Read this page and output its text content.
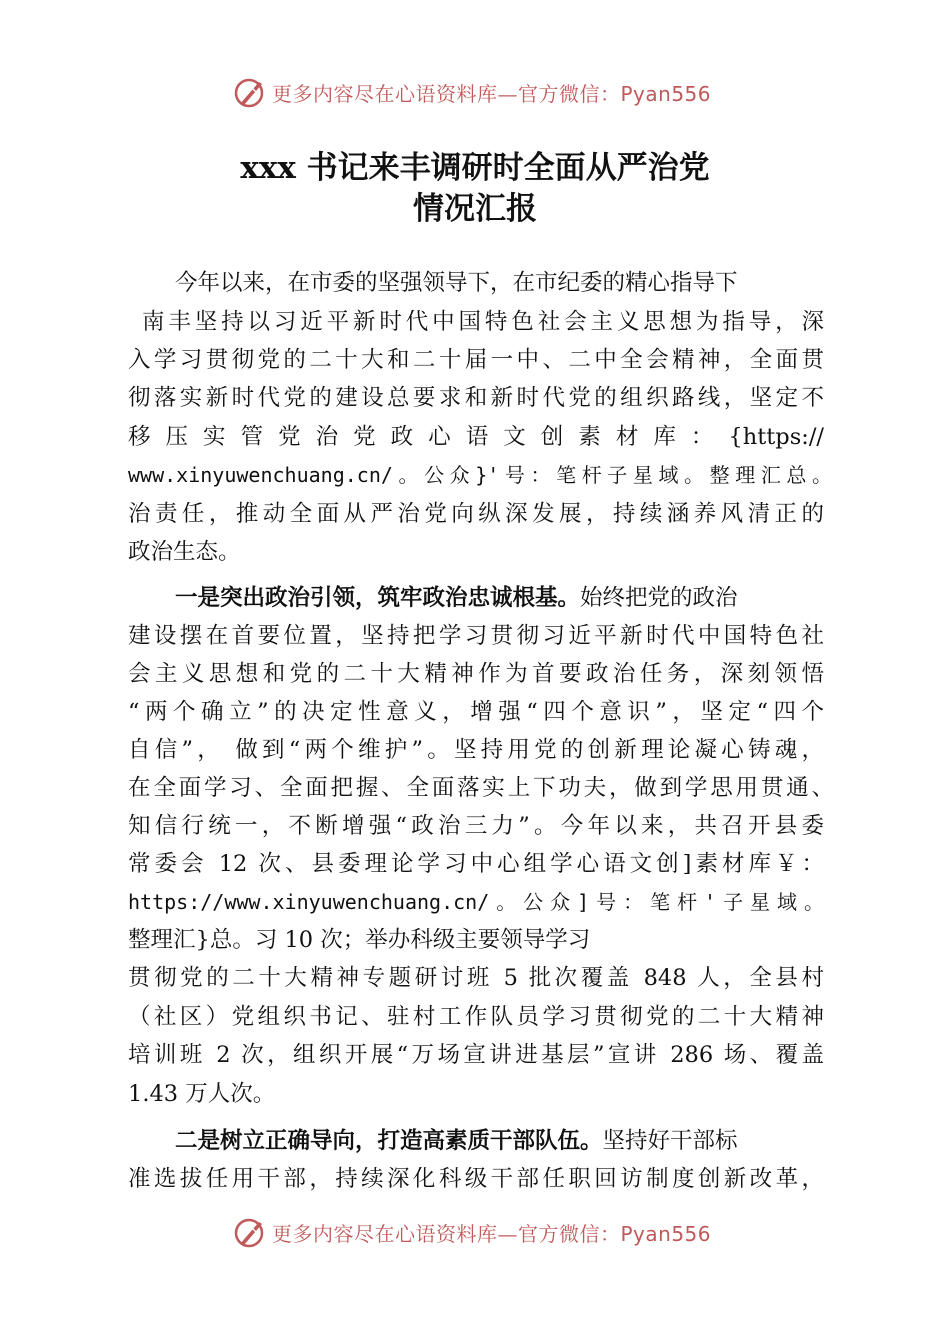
更多内容尽在心语资料库—官方微信：Pyan556
xxx 书记来丰调研时全面从严治党
情况汇报
今年以来，在市委的坚强领导下，在市纪委的精心指导下
南丰坚持以习近平新时代中国特色社会主义思想为指导，深
入学习贯彻党的二十大和二十届一中、二中全会精神，全面贯
彻落实新时代党的建设总要求和新时代党的组织路线，坚定不
移压实管党治党政心语文创素材库：{https://
www.xinyuwenchuang.cn/。公众}'号：笔杆子星域。整理汇总。
治责任，推动全面从严治党向纵深发展，持续涵养风清正的
政治生态。
一是突出政治引领，筑牢政治忠诚根基。始终把党的政治
建设摆在首要位置，坚持把学习贯彻习近平新时代中国特色社
会主义思想和党的二十大精神作为首要政治任务，深刻领悟
“两个确立”的决定性意义，增强“四个意识”，坚定“四个
自信”， 做到“两个维护”。坚持用党的创新理论凝心铸魂，
在全面学习、全面把握、全面落实上下功夫，做到学思用贯通、
知信行统一，不断增强“政治三力”。今年以来，共召开县委
常委会 12 次、县委理论学习中心组学心语文创]素材库￥：
https://www.xinyuwenchuang.cn/。公众]号：笔杆'子星域。
整理汇}总。习 10 次；举办科级主要领导学习
贯彻党的二十大精神专题研讨班 5 批次覆盖 848 人，全县村
（社区）党组织书记、驻村工作队员学习贯彻党的二十大精神
培训班 2 次，组织开展“万场宣讲进基层”宣讲 286 场、覆盖
1.43 万人次。
二是树立正确导向，打造高素质干部队伍。坚持好干部标
准选拔任用干部，持续深化科级干部任职回访制度创新改革，
更多内容尽在心语资料库—官方微信：Pyan556
